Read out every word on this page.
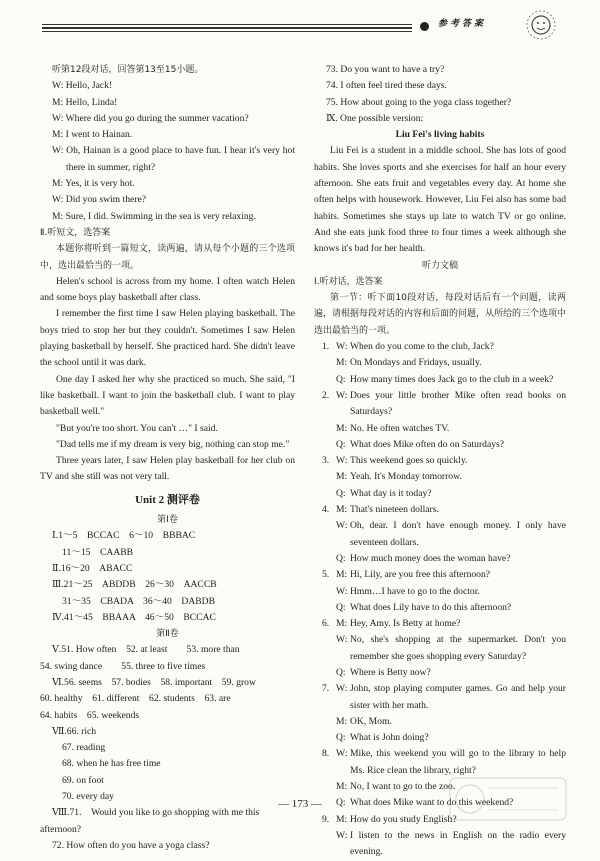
参考答案

听第12段对话，回答第13至15小题。

W: Hello, Jack!

M: Hello, Linda!

W: Where did you go during the summer vacation?

M: I went to Hainan.

W: Oh, Hainan is a good place to have fun. I hear it's very hot there in summer, right?

M: Yes, it is very hot.

W: Did you swim there?

M: Sure, I did. Swimming in the sea is very relaxing.

Ⅱ.听短文，选答案

本题你将听到一篇短文，读两遍，请从每个小题的三个选项中，选出最恰当的一项。

Helen's school is across from my home. I often watch Helen and some boys play basketball after class.

I remember the first time I saw Helen playing basketball. The boys tried to stop her but they couldn't. Sometimes I saw Helen playing basketball by herself. She practiced hard. She didn't leave the school until it was dark.

One day I asked her why she practiced so much. She said, "I like basketball. I want to join the basketball club. I want to play basketball well."

"But you're too short. You can't …" I said.

"Dad tells me if my dream is very big, nothing can stop me."

Three years later, I saw Helen play basketball for her club on TV and she still was not very tall.

Unit 2 测评卷

第Ⅰ卷

Ⅰ.1～5　BCCAC　6～10　BBBAC

11～15　CAABB

Ⅱ.16～20　ABACC

Ⅲ.21～25　ABDDB　26～30　AACCB

31～35　CBADA　36～40　DABDB

Ⅳ.41～45　BBAAA　46～50　BCCAC

第Ⅱ卷

Ⅴ.51. How often　52. at least　　53. more than

54. swing dance　　55. three to five times

Ⅵ.56. seems　57. bodies　58. important　59. grow

60. healthy　61. different　62. students　63. are

64. habits　65. weekends

Ⅶ.66. rich

67. reading

68. when he has free time

69. on foot

70. every day

Ⅷ.71.　Would you like to go shopping with me this

afternoon?

72. How often do you have a yoga class?

73. Do you want to have a try?

74. I often feel tired these days.

75. How about going to the yoga class together?

Ⅸ. One possible version:

Liu Fei's living habits

Liu Fei is a student in a middle school. She has lots of good habits. She loves sports and she exercises for half an hour every afternoon. She eats fruit and vegetables every day. At home she often helps with housework. However, Liu Fei also has some bad habits. Sometimes she stays up late to watch TV or go online. And she eats junk food three to four times a week although she knows it's bad for her health.

听力文稿

Ⅰ.听对话，选答案

第一节：听下面10段对话，每段对话后有一个问题，读两遍，请根据每段对话的内容和后面的问题，从所给的三个选项中选出最恰当的一项。

1. W: When do you come to the club, Jack?

M: On Mondays and Fridays, usually.

Q: How many times does Jack go to the club in a week?

2. W: Does your little brother Mike often read books on Saturdays?

M: No. He often watches TV.

Q: What does Mike often do on Saturdays?

3. W: This weekend goes so quickly.

M: Yeah. It's Monday tomorrow.

Q: What day is it today?

4. M: That's nineteen dollars.

W: Oh, dear. I don't have enough money. I only have seventeen dollars.

Q: How much money does the woman have?

5. M: Hi, Lily, are you free this afternoon?

W: Hmm…I have to go to the doctor.

Q: What does Lily have to do this afternoon?

6. M: Hey, Amy. Is Betty at home?

W: No, she's shopping at the supermarket. Don't you remember she goes shopping every Saturday?

Q: Where is Betty now?

7. W: John, stop playing computer games. Go and help your sister with her math.

M: OK, Mom.

Q: What is John doing?

8. W: Mike, this weekend you will go to the library to help Ms. Rice clean the library, right?

M: No, I want to go to the zoo.

Q: What does Mike want to do this weekend?

9. M: How do you study English?

W: I listen to the news in English on the radio every evening.

— 173 —
